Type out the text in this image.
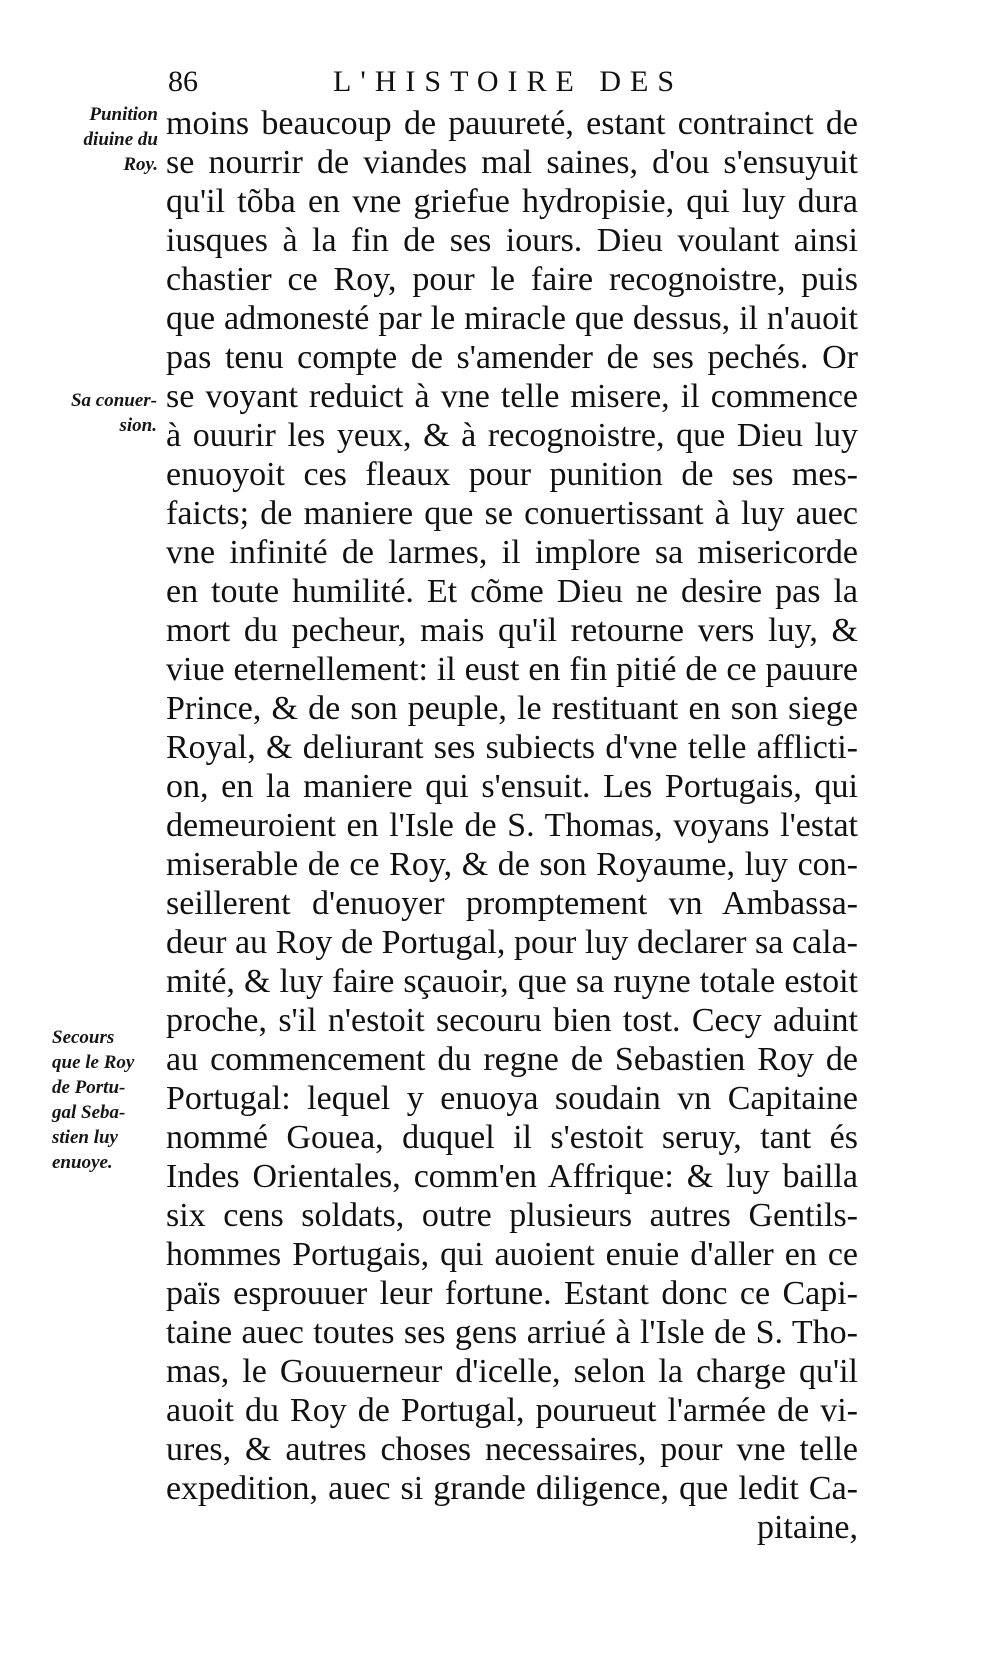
86	L'HISTOIRE DES
Punition
diuine du
Roy.
Sa conuer-
sion.
Secours
que le Roy
de Portu-
gal Seba-
stien luy
enuoye.
moins beaucoup de pauureté, estant contrainct de
se nourrir de viandes mal saines, d'ou s'ensuyuit
qu'il tõba en vne griefue hydropisie, qui luy dura
iusques à la fin de ses iours. Dieu voulant ainsi
chastier ce Roy, pour le faire recognoistre, puis
que admonesté par le miracle que dessus, il n'auoit
pas tenu compte de s'amender de ses pechés. Or
se voyant reduict à vne telle misere, il commence
à ouurir les yeux, & à recognoistre, que Dieu luy
enuoyoit ces fleaux pour punition de ses mes-
faicts; de maniere que se conuertissant à luy auec
vne infinité de larmes, il implore sa misericorde
en toute humilité. Et cõme Dieu ne desire pas la
mort du pecheur, mais qu'il retourne vers luy, &
viue eternellement: il eust en fin pitié de ce pauure
Prince, & de son peuple, le restituant en son siege
Royal, & deliurant ses subiects d'vne telle afflicti-
on, en la maniere qui s'ensuit. Les Portugais, qui
demeuroient en l'Isle de S. Thomas, voyans l'estat
miserable de ce Roy, & de son Royaume, luy con-
seillerent d'enuoyer promptement vn Ambassa-
deur au Roy de Portugal, pour luy declarer sa cala-
mité, & luy faire sçauoir, que sa ruyne totale estoit
proche, s'il n'estoit secouru bien tost. Cecy aduint
au commencement du regne de Sebastien Roy de
Portugal: lequel y enuoya soudain vn Capitaine
nommé Gouea, duquel il s'estoit seruy, tant és
Indes Orientales, comm'en Affrique: & luy bailla
six cens soldats, outre plusieurs autres Gentils-
hommes Portugais, qui auoient enuie d'aller en ce
païs esprouuer leur fortune. Estant donc ce Capi-
taine auec toutes ses gens arriué à l'Isle de S. Tho-
mas, le Gouuerneur d'icelle, selon la charge qu'il
auoit du Roy de Portugal, pourueut l'armée de vi-
ures, & autres choses necessaires, pour vne telle
expedition, auec si grande diligence, que ledit Ca-
pitaine,
